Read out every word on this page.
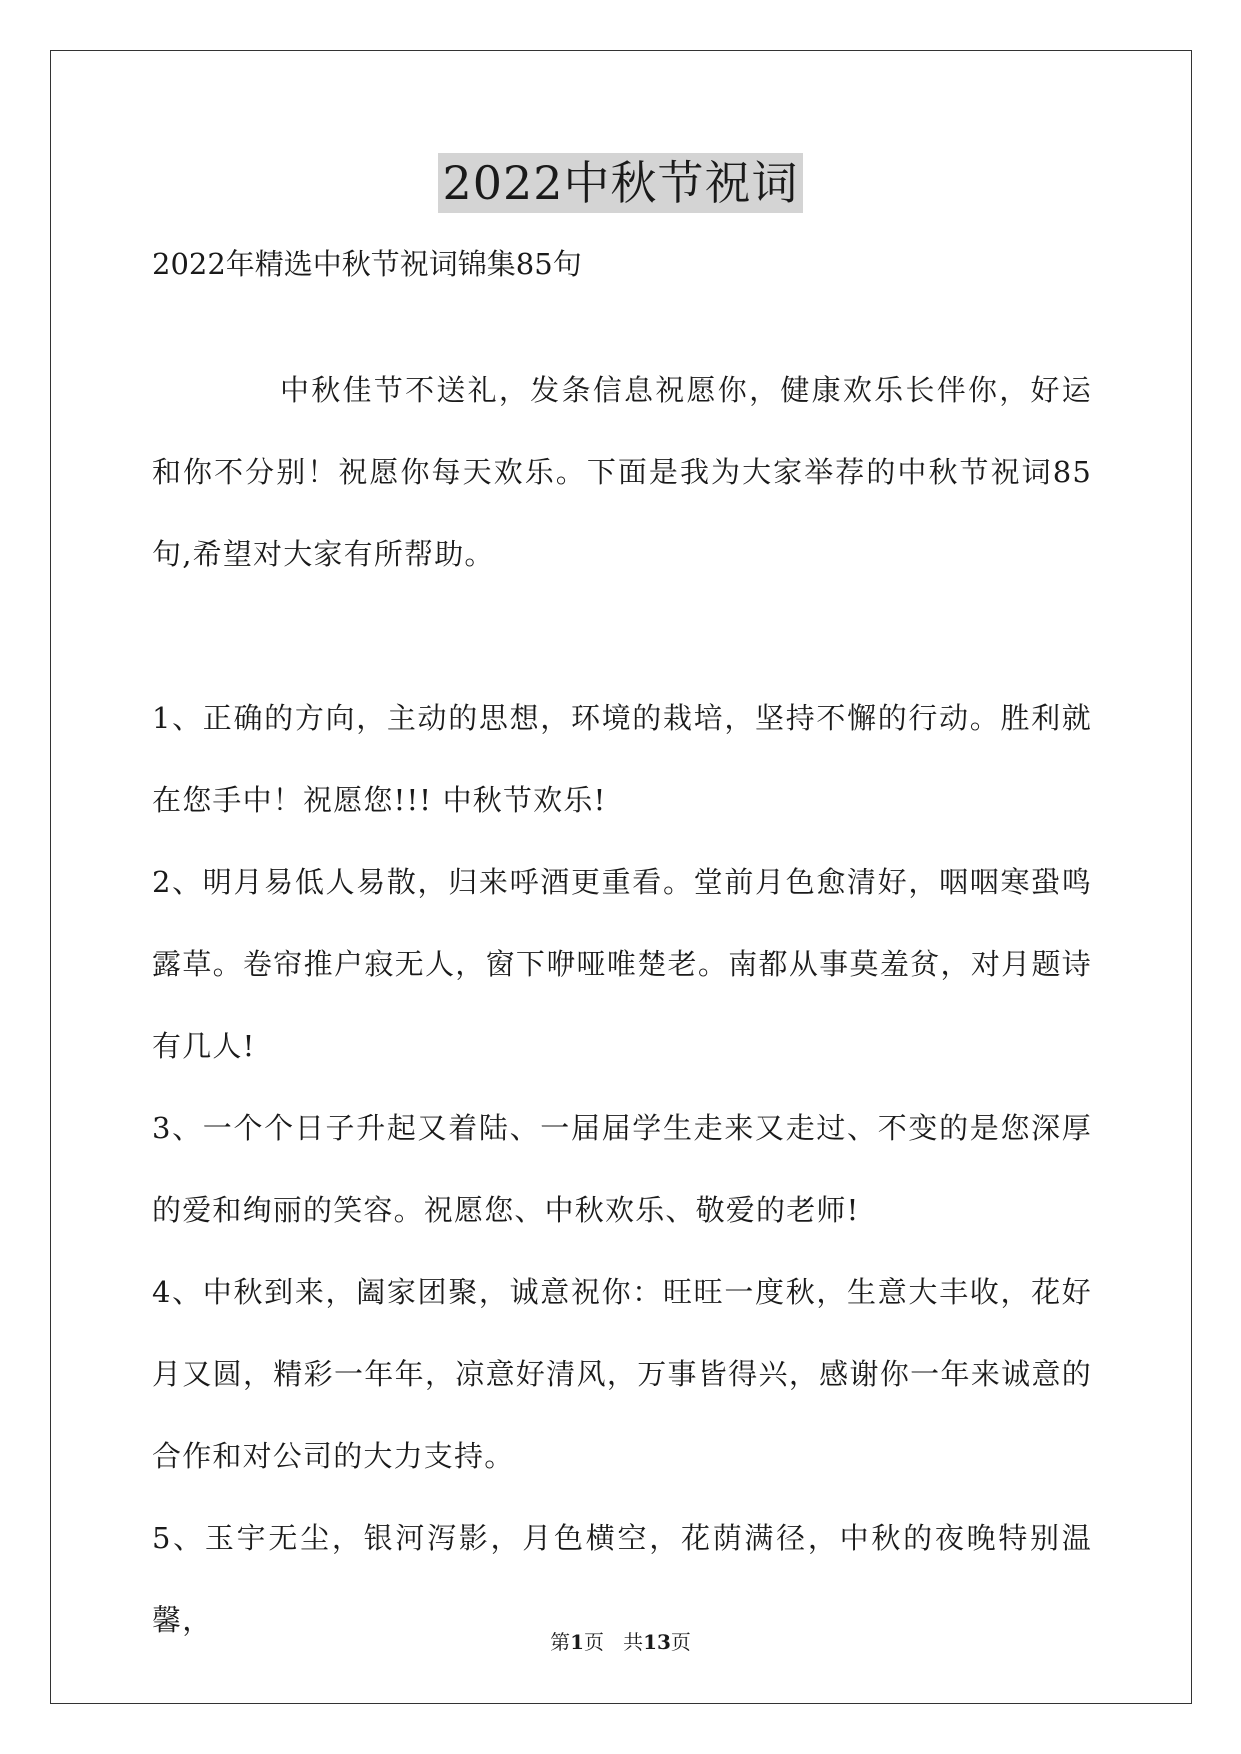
2022中秋节祝词
2022年精选中秋节祝词锦集85句

中秋佳节不送礼，发条信息祝愿你，健康欢乐长伴你，好运和你不分别！祝愿你每天欢乐。下面是我为大家举荐的中秋节祝词85句,希望对大家有所帮助。

1、正确的方向，主动的思想，环境的栽培，坚持不懈的行动。胜利就在您手中！祝愿您!!! 中秋节欢乐!

2、明月易低人易散，归来呼酒更重看。堂前月色愈清好，咽咽寒蛩鸣露草。卷帘推户寂无人，窗下咿哑唯楚老。南都从事莫羞贫，对月题诗有几人!

3、一个个日子升起又着陆、一届届学生走来又走过、不变的是您深厚的爱和绚丽的笑容。祝愿您、中秋欢乐、敬爱的老师!

4、中秋到来，阖家团聚，诚意祝你：旺旺一度秋，生意大丰收，花好月又圆，精彩一年年，凉意好清风，万事皆得兴，感谢你一年来诚意的合作和对公司的大力支持。

5、玉宇无尘，银河泻影，月色横空，花荫满径，中秋的夜晚特别温馨，

第1页   共13页
